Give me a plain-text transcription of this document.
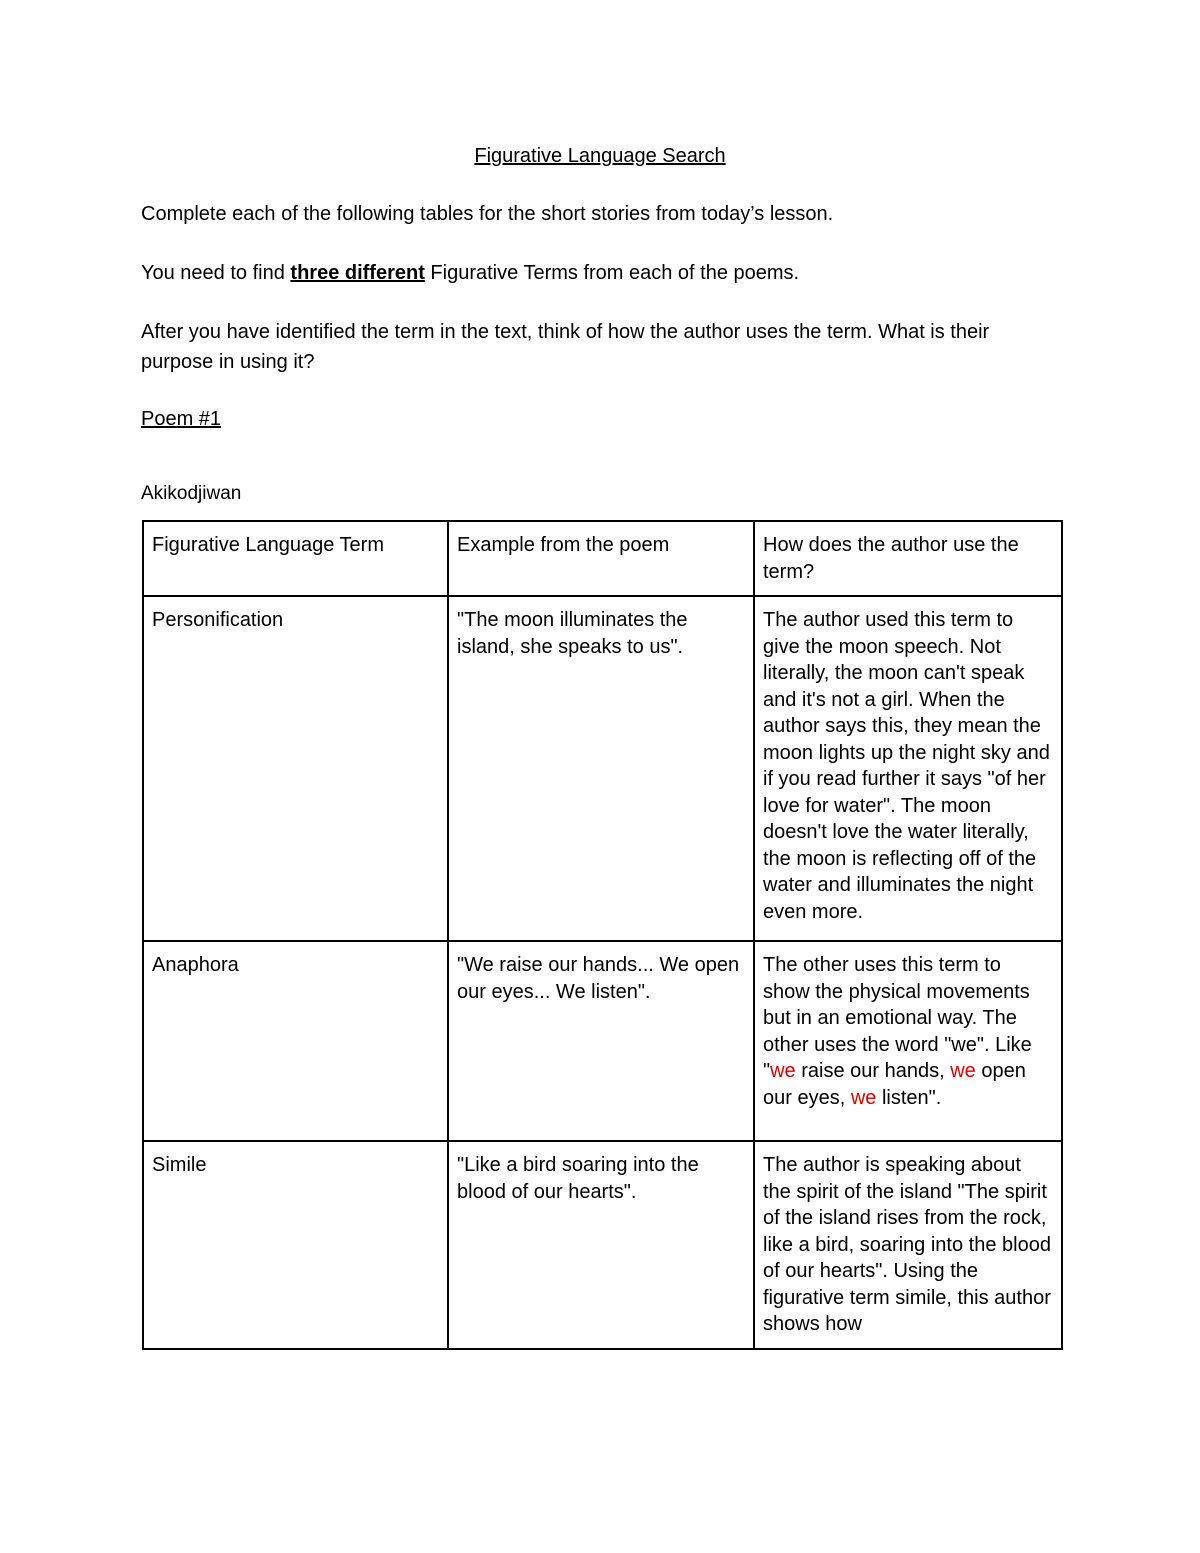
Figurative Language Search
Complete each of the following tables for the short stories from today’s lesson.
You need to find three different Figurative Terms from each of the poems.
After you have identified the term in the text, think of how the author uses the term. What is their purpose in using it?
Poem #1
Akikodjiwan
Figurative Language Term	Example from the poem	How does the author use the term?
Personification	"The moon illuminates the island, she speaks to us".	The author used this term to give the moon speech. Not literally, the moon can't speak and it's not a girl. When the author says this, they mean the moon lights up the night sky and if you read further it says "of her love for water". The moon doesn't love the water literally, the moon is reflecting off of the water and illuminates the night even more.
Anaphora	"We raise our hands... We open our eyes... We listen".	The other uses this term to show the physical movements but in an emotional way. The other uses the word "we". Like "we raise our hands, we open our eyes, we listen".
Simile	"Like a bird soaring into the blood of our hearts".	The author is speaking about the spirit of the island "The spirit of the island rises from the rock, like a bird, soaring into the blood of our hearts". Using the figurative term simile, this author shows how
